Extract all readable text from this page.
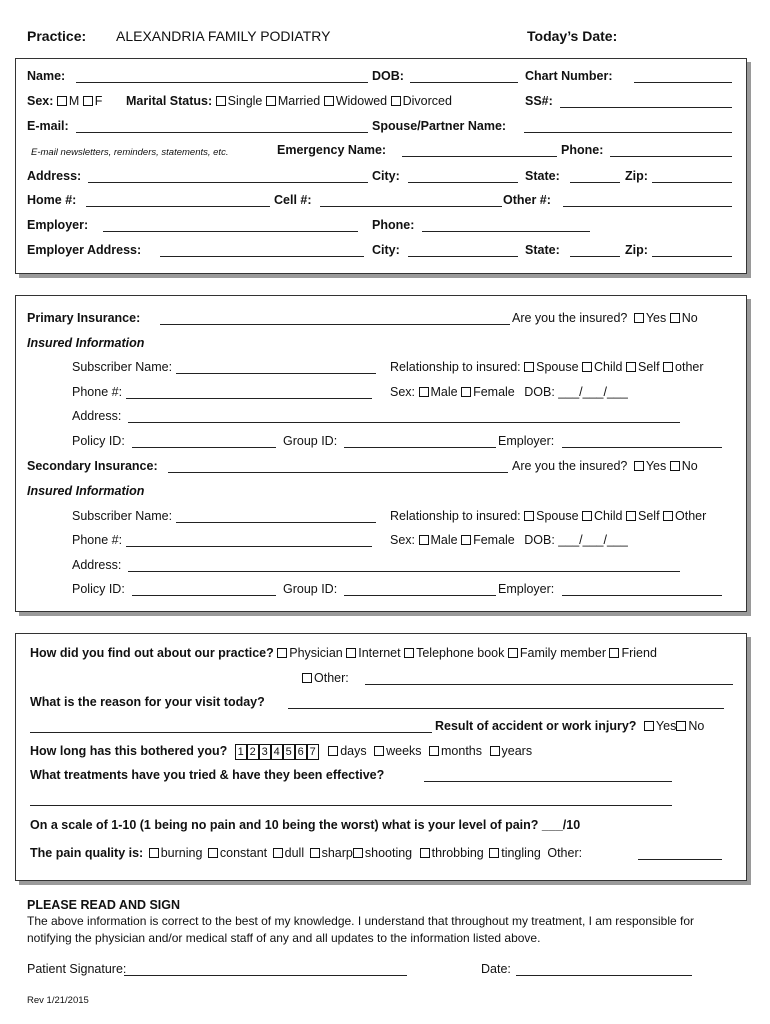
Practice: ALEXANDRIA FAMILY PODIATRY	Today’s Date:
Name:	DOB:	Chart Number:
Sex: M F Marital Status: Single Married Widowed Divorced	SS#:
E-mail:	Spouse/Partner Name:
E-mail newsletters, reminders, statements, etc.	Emergency Name:	Phone:
Address:	City:	State:	Zip:
Home #:	Cell #:	Other #:
Employer:	Phone:
Employer Address:	City:	State:	Zip:
Primary Insurance:	Are you the insured? Yes No
Insured Information
Subscriber Name:	Relationship to insured: Spouse Child Self other
Phone #:	Sex: Male Female DOB: ___/___/___
Address:
Policy ID:	Group ID:	Employer:
Secondary Insurance:	Are you the insured? Yes No
Insured Information
Subscriber Name:	Relationship to insured: Spouse Child Self Other
Phone #:	Sex: Male Female DOB: ___/___/___
Address:
Policy ID:	Group ID:	Employer:
How did you find out about our practice? Physician Internet Telephone book Family member Friend
Other:
What is the reason for your visit today?
Result of accident or work injury? Yes No
How long has this bothered you? 1 2 3 4 5 6 7 days weeks months years
What treatments have you tried & have they been effective?
On a scale of 1-10 (1 being no pain and 10 being the worst) what is your level of pain? ___/10
The pain quality is: burning constant dull sharp shooting throbbing tingling Other:
PLEASE READ AND SIGN
The above information is correct to the best of my knowledge. I understand that throughout my treatment, I am responsible for
notifying the physician and/or medical staff of any and all updates to the information listed above.
Patient Signature:	Date:
Rev 1/21/2015
